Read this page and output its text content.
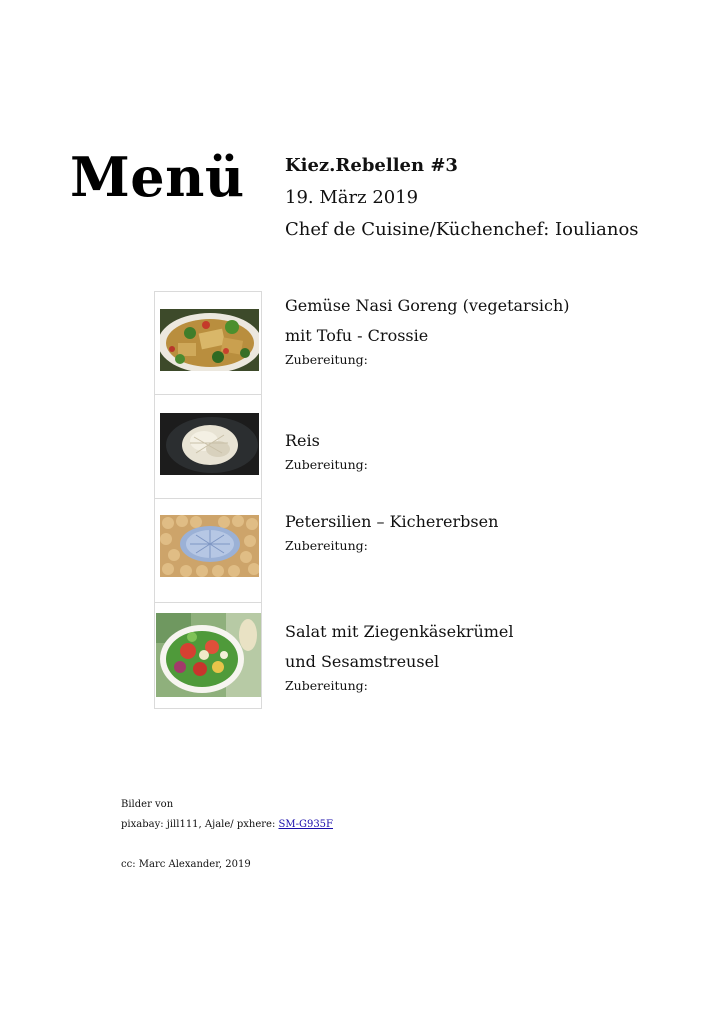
Menü Kiez.Rebellen #3
19. März 2019
Chef de Cuisine/Küchenchef: Ioulianos
Gemüse Nasi Goreng (vegetarsich)
mit Tofu - Crossie
Zubereitung:
Reis
Zubereitung:
Petersilien – Kichererbsen
Zubereitung:
Salat mit Ziegenkäsekrümel
und Sesamstreusel
Zubereitung:
Bilder von
pixabay: jill111, Ajale/ pxhere: SM-G935F
cc: Marc Alexander, 2019
